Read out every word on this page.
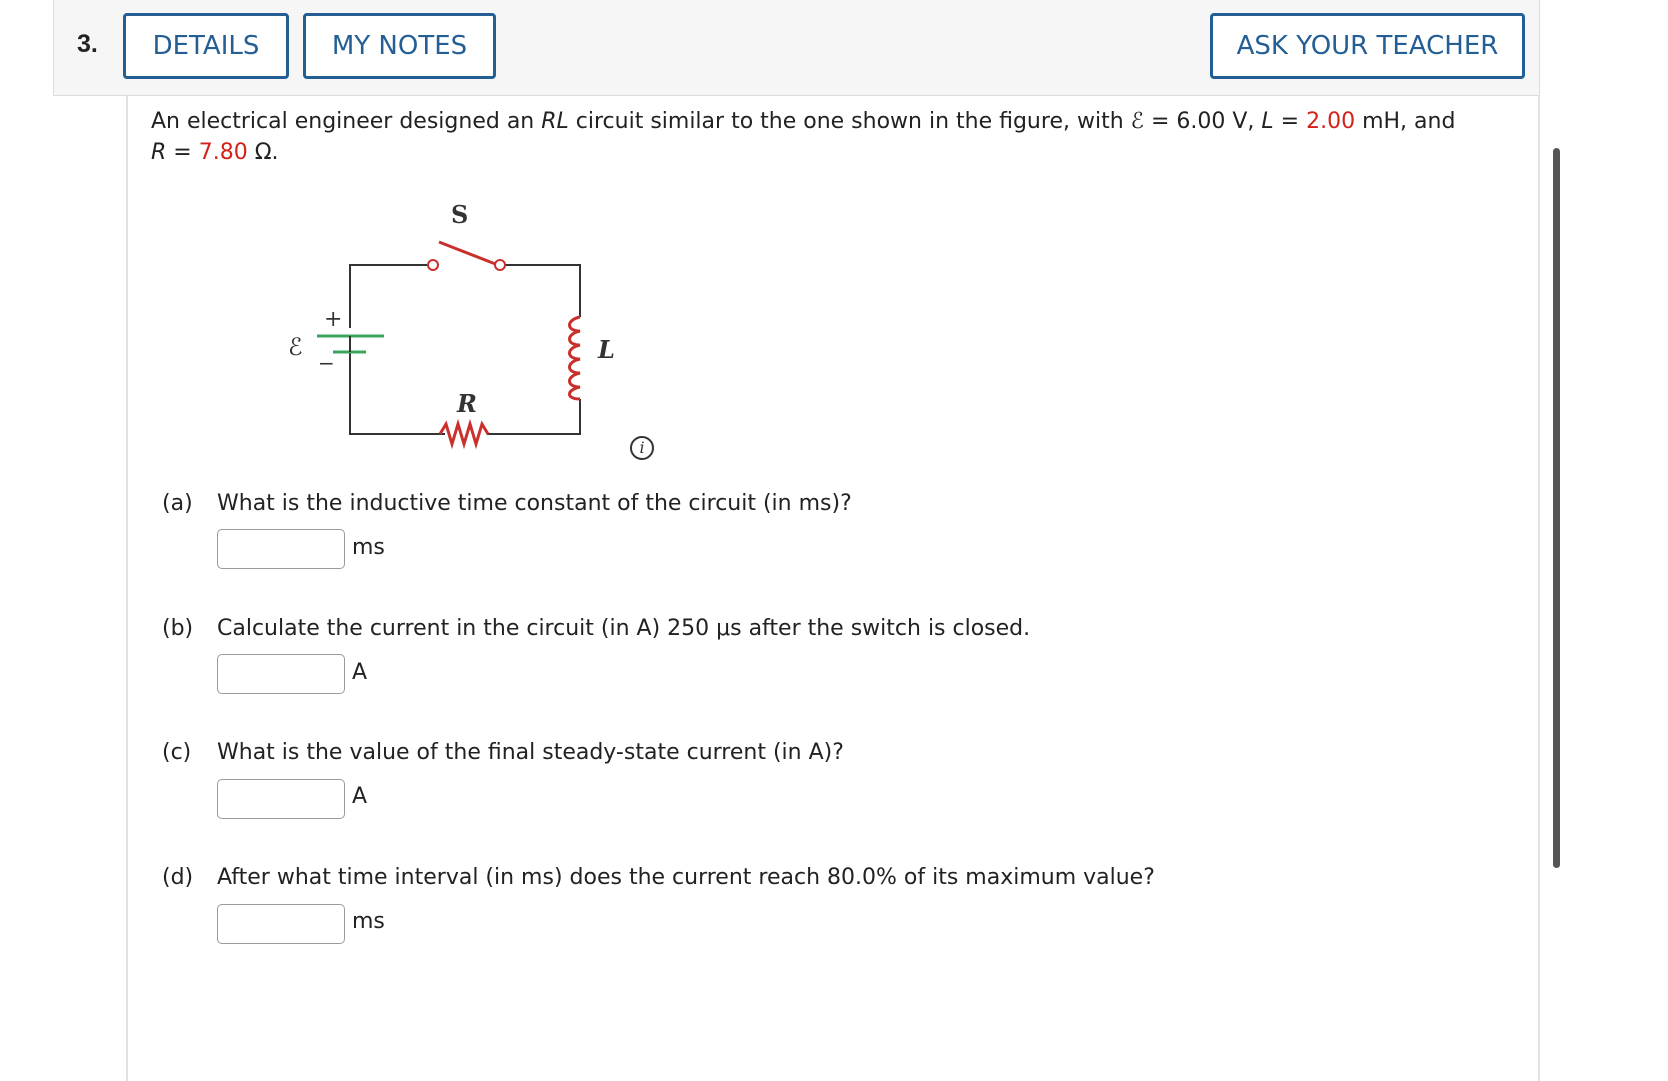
3.	DETAILS	MY NOTES	ASK YOUR TEACHER
An electrical engineer designed an RL circuit similar to the one shown in the figure, with ℰ = 6.00 V, L = 2.00 mH, and
R = 7.80 Ω.
+
−
ℰ
S
L
R
i
(a) What is the inductive time constant of the circuit (in ms)?
ms
(b) Calculate the current in the circuit (in A) 250 μs after the switch is closed.
A
(c) What is the value of the final steady-state current (in A)?
A
(d) After what time interval (in ms) does the current reach 80.0% of its maximum value?
ms
